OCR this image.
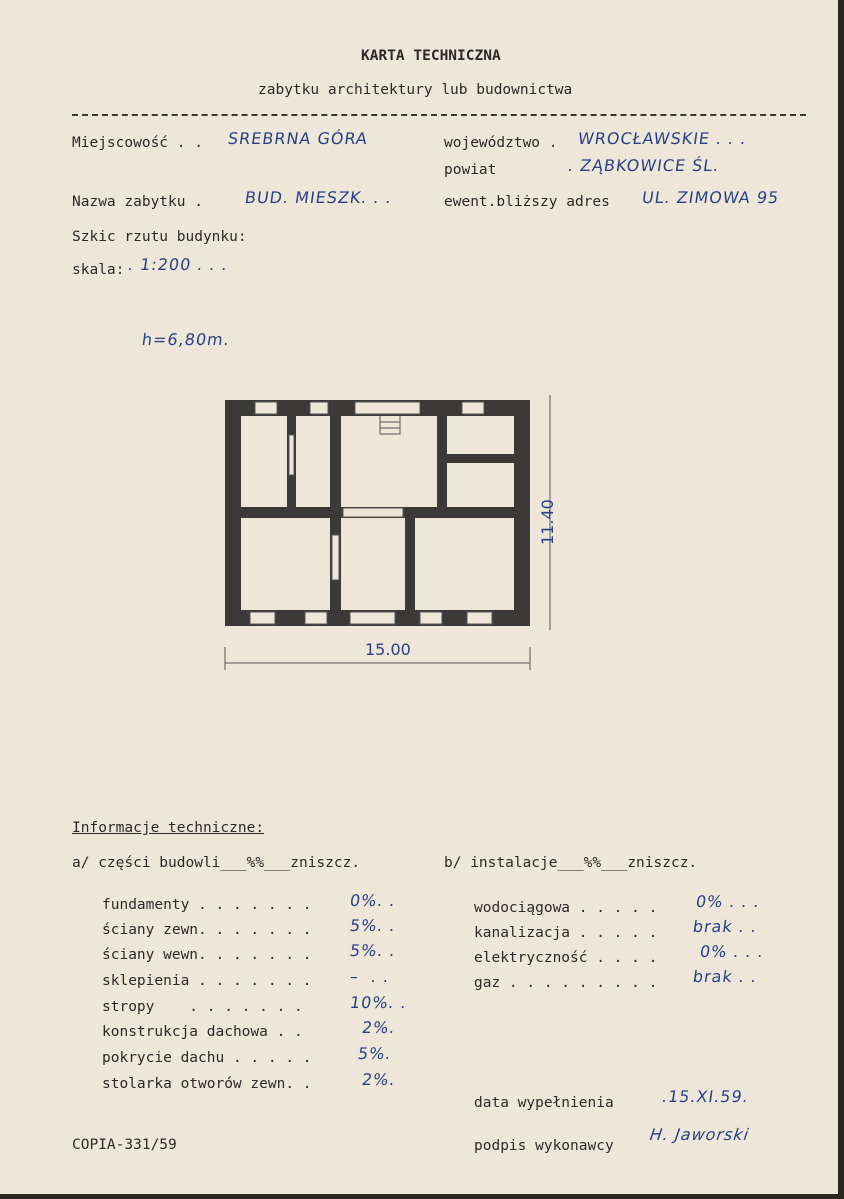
KARTA TECHNICZNA
zabytku architektury lub budownictwa
Miejscowość . . SREBRNA GÓRA	województwo . WROCŁAWSKIE . . .
powiat	. ZĄBKOWICE ŚL.
Nazwa zabytku .	BUD. MIESZK. . .	ewent.bliższy adres UL. ZIMOWA 95
Szkic rzutu budynku:
skala: . 1:200 . . .
h=6,80m.
15.00
11.40
Informacje techniczne:
a/ części budowli___%%___zniszcz.	b/ instalacje___%%___zniszcz.
fundamenty . . . . . . . 0%. .
ściany zewn. . . . . . . 5%. .
ściany wewn. . . . . . . 5%. .
sklepienia . . . . . . . –  . .
stropy    . . . . . . .	10%. .
konstrukcja dachowa . .	2%.
pokrycie dachu . . . . .	5%.
stolarka otworów zewn. .	2%.
wodociągowa . . . . . 0% . . .
kanalizacja . . . . . brak . .
elektryczność . . . .	0% . . .
gaz . . . . . . . . . brak . .
data wypełnienia	.15.XI.59.
COPIA-331/59	podpis wykonawcy
H. Jaworski
